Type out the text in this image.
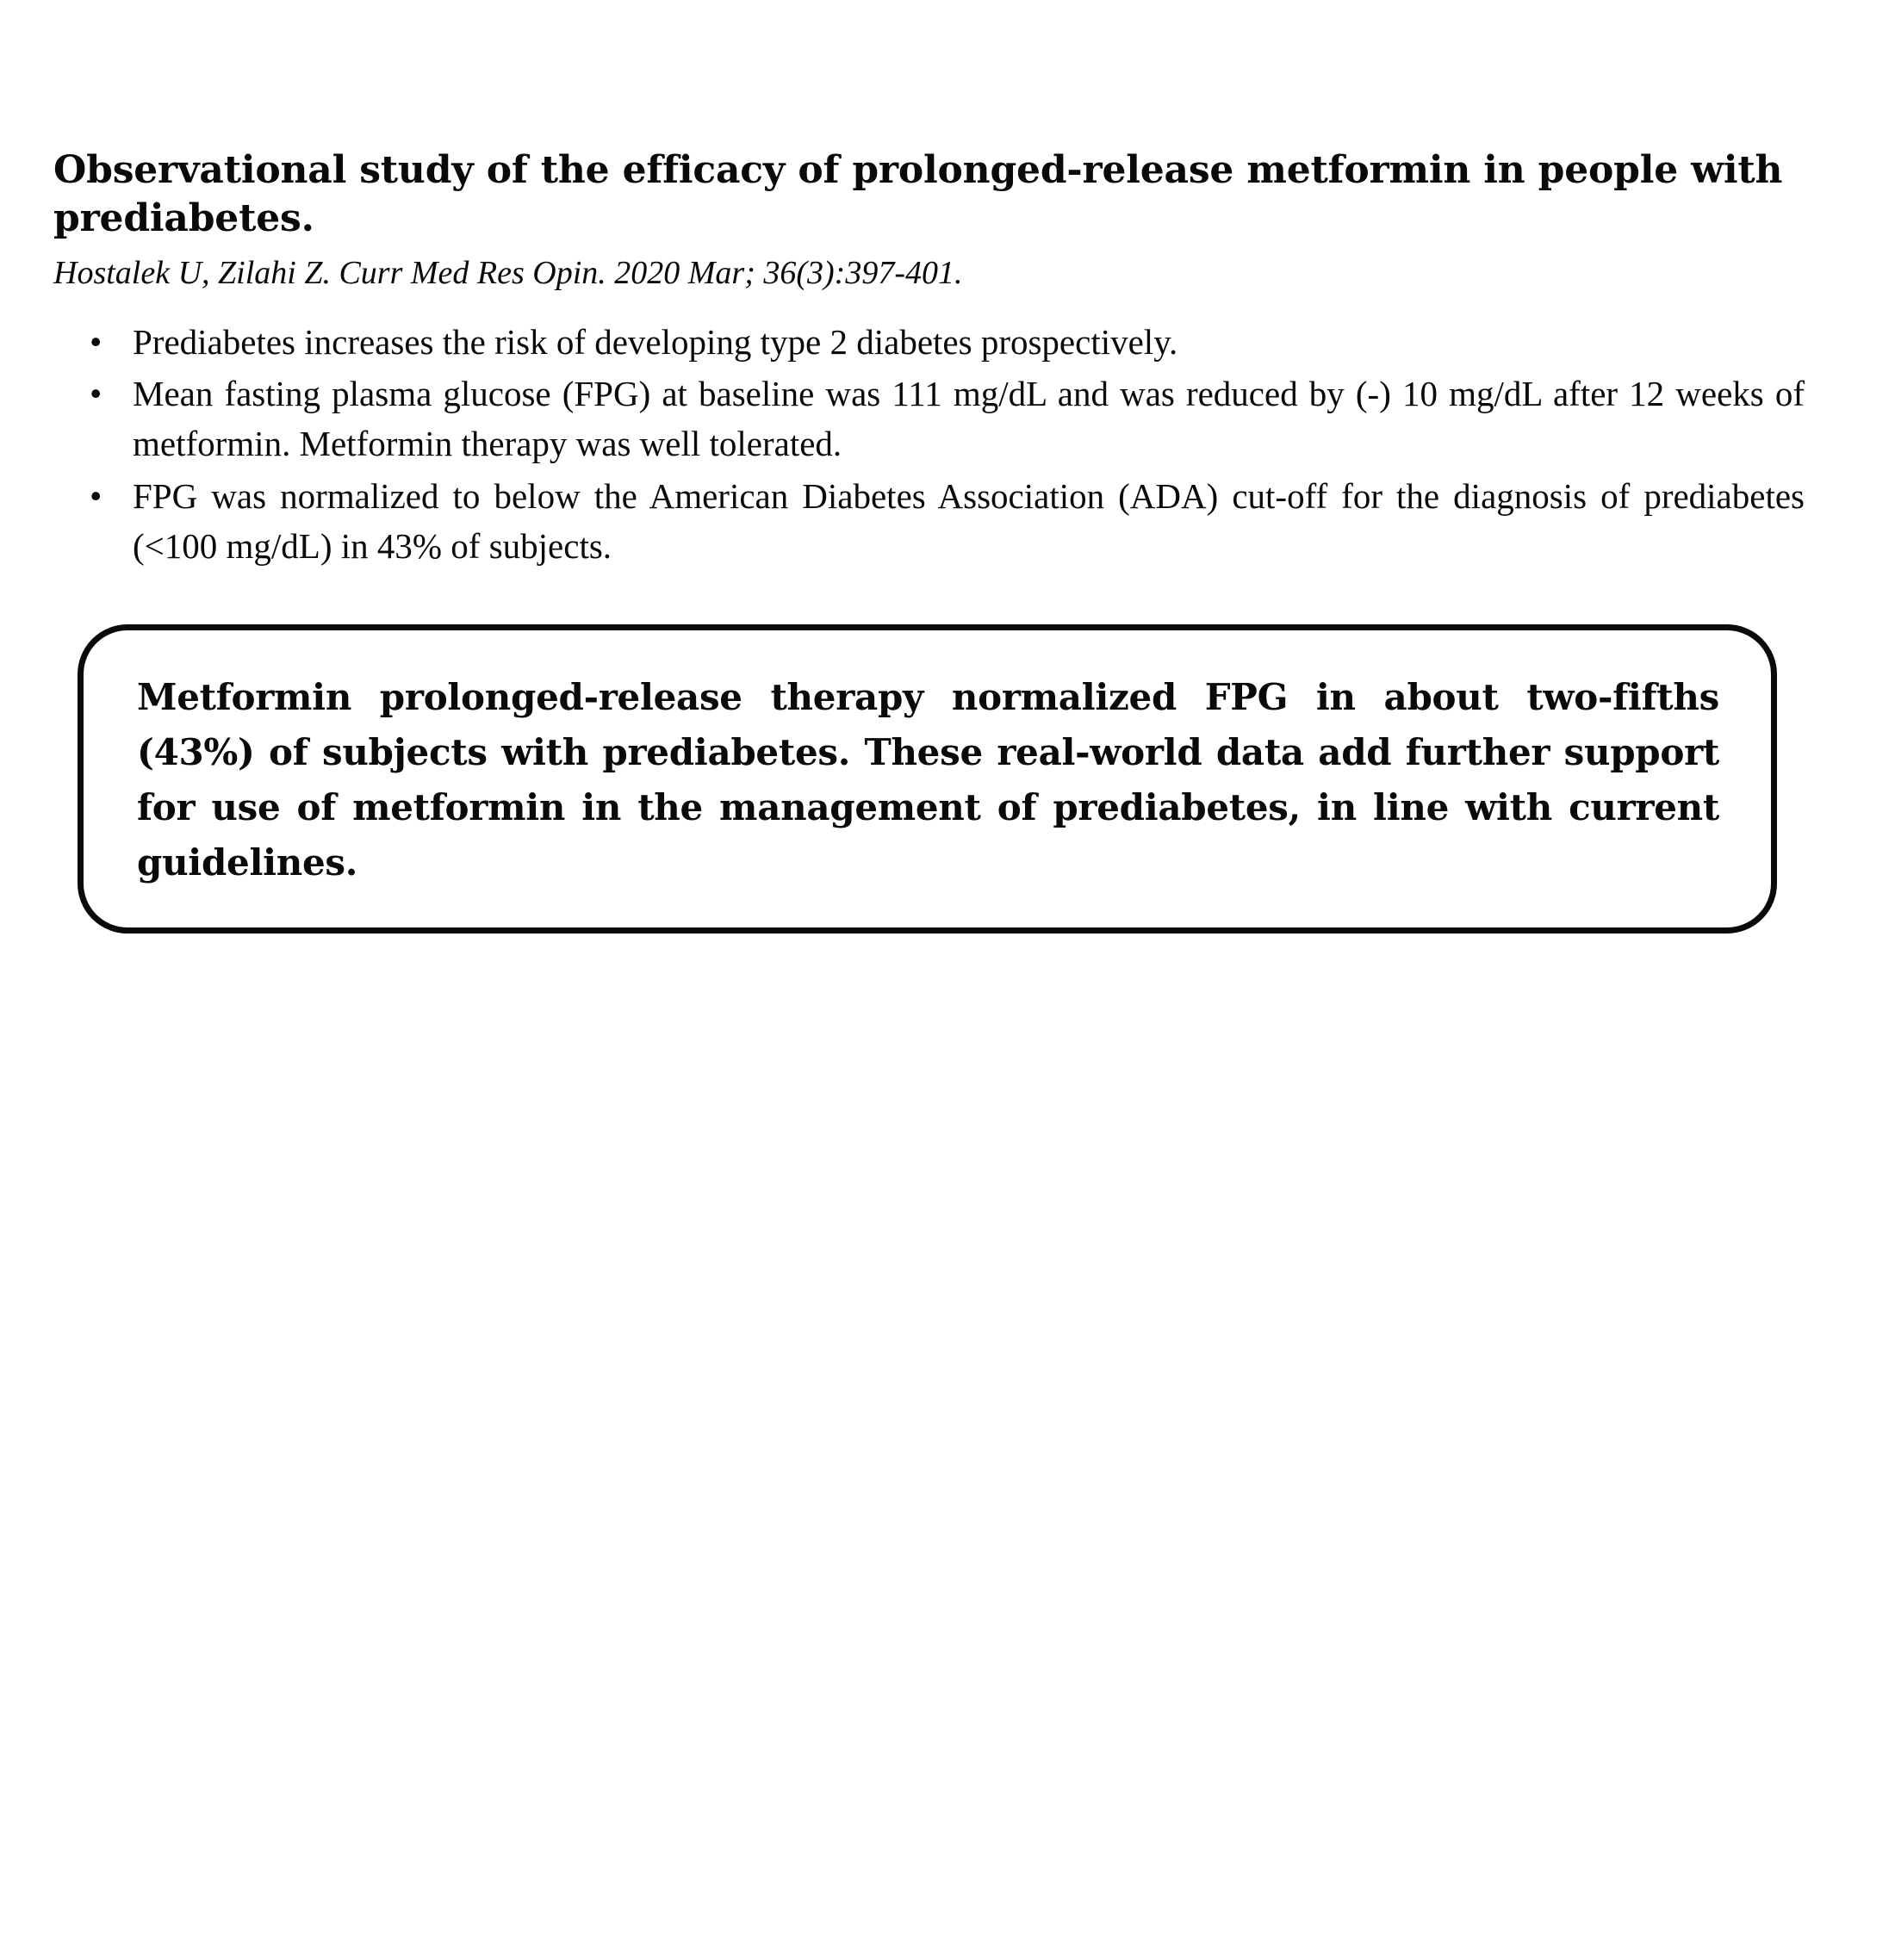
Observational study of the efficacy of prolonged-release metformin in people with prediabetes.
Hostalek U, Zilahi Z. Curr Med Res Opin. 2020 Mar; 36(3):397-401.
• Prediabetes increases the risk of developing type 2 diabetes prospectively.
• Mean fasting plasma glucose (FPG) at baseline was 111 mg/dL and was reduced by (-) 10 mg/dL after 12 weeks of metformin. Metformin therapy was well tolerated.
• FPG was normalized to below the American Diabetes Association (ADA) cut-off for the diagnosis of prediabetes (<100 mg/dL) in 43% of subjects.

Metformin prolonged-release therapy normalized FPG in about two-fifths (43%) of subjects with prediabetes. These real-world data add further support for use of metformin in the management of prediabetes, in line with current guidelines.
